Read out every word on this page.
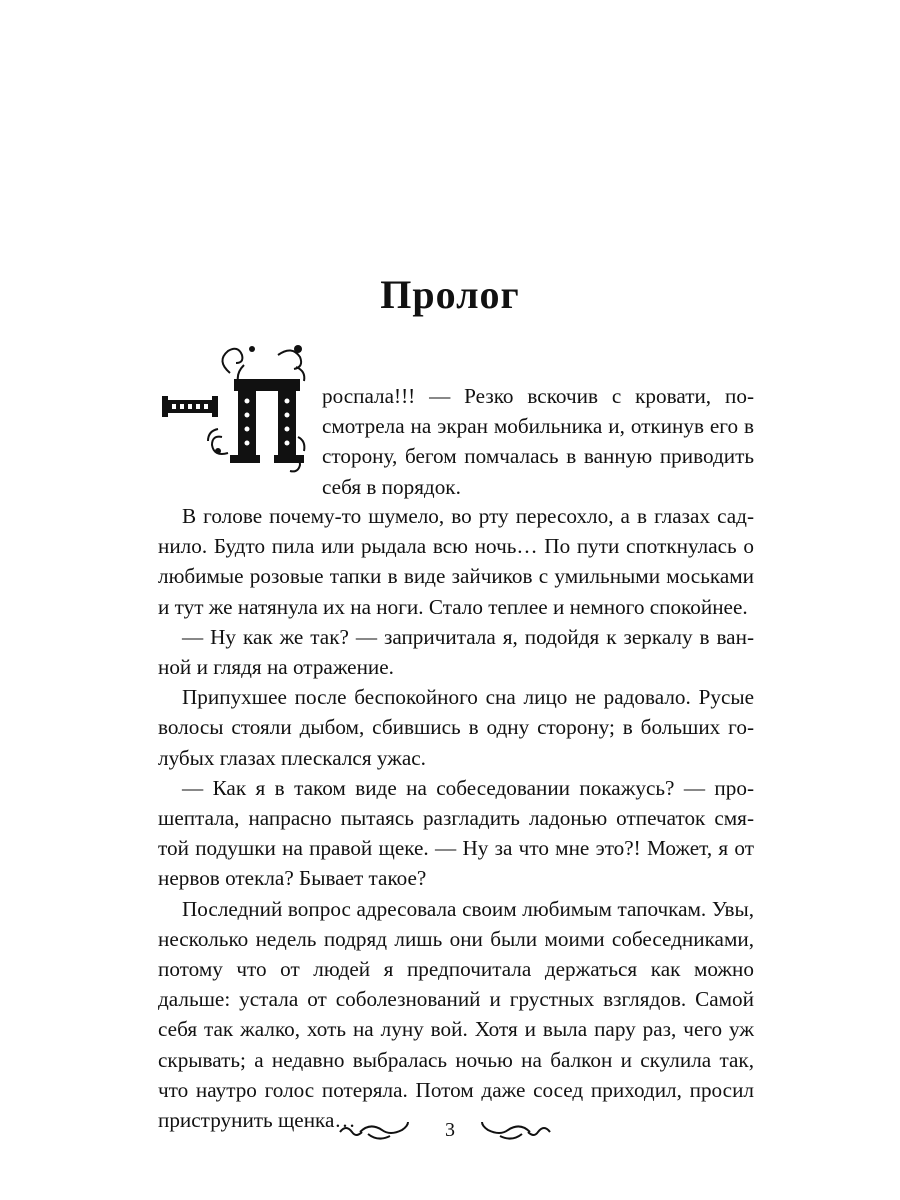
Пролог

роспала!!! — Резко вскочив с кровати, посмотрела на экран мобильника и, откинув его в сторону, бегом помчалась в ванную приводить себя в порядок.

В голове почему-то шумело, во рту пересохло, а в глазах саднило. Будто пила или рыдала всю ночь… По пути споткнулась о любимые розовые тапки в виде зайчиков с умильными моськами и тут же натянула их на ноги. Стало теплее и немного спокойнее.

— Ну как же так? — запричитала я, подойдя к зеркалу в ванной и глядя на отражение.

Припухшее после беспокойного сна лицо не радовало. Русые волосы стояли дыбом, сбившись в одну сторону; в больших голубых глазах плескался ужас.

— Как я в таком виде на собеседовании покажусь? — прошептала, напрасно пытаясь разгладить ладонью отпечаток смятой подушки на правой щеке. — Ну за что мне это?! Может, я от нервов отекла? Бывает такое?

Последний вопрос адресовала своим любимым тапочкам. Увы, несколько недель подряд лишь они были моими собеседниками, потому что от людей я предпочитала держаться как можно дальше: устала от соболезнований и грустных взглядов. Самой себя так жалко, хоть на луну вой. Хотя и выла пару раз, чего уж скрывать; а недавно выбралась ночью на балкон и скулила так, что наутро голос потеряла. Потом даже сосед приходил, просил приструнить щенка…	3
